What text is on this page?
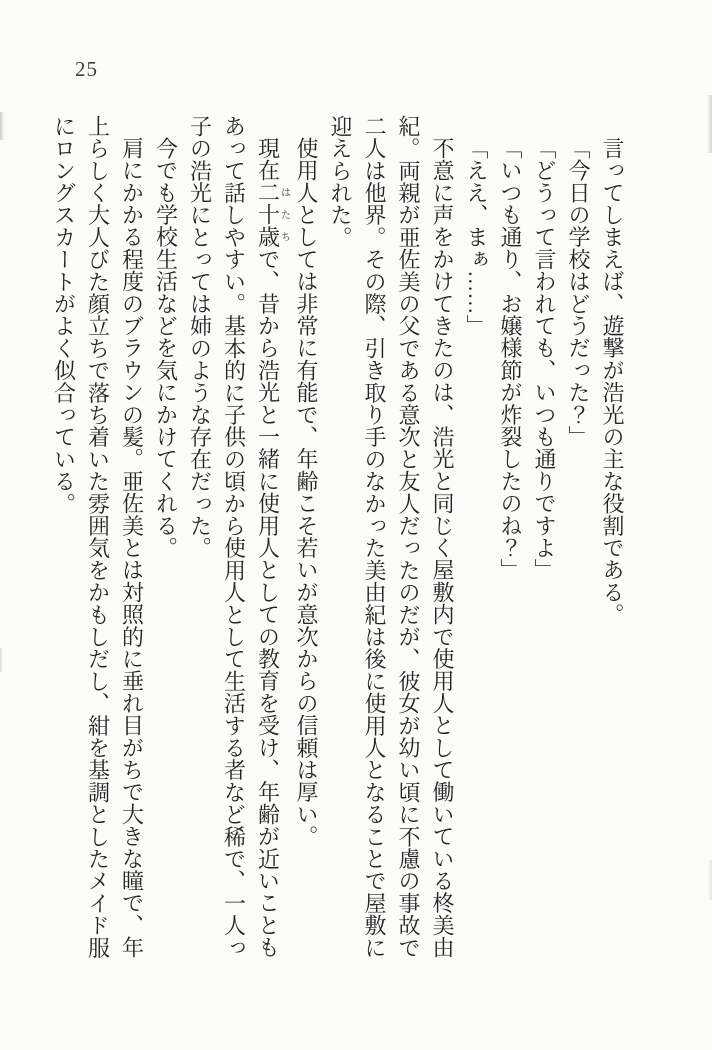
25

言ってしまえば、遊撃が浩光の主な役割である。

「今日の学校はどうだった？」

「どうって言われても、いつも通りですよ」

「いつも通り、お嬢様節が炸裂したのね？」

「ええ、まぁ……」

不意に声をかけてきたのは、浩光と同じく屋敷内で使用人として働いている柊美由紀。両親が亜佐美の父である意次と友人だったのだが、彼女が幼い頃に不慮の事故で二人は他界。その際、引き取り手のなかった美由紀は後に使用人となることで屋敷に迎えられた。

使用人としては非常に有能で、年齢こそ若いが意次からの信頼は厚い。

現在二十歳はたちで、昔から浩光と一緒に使用人としての教育を受け、年齢が近いこともあって話しやすい。基本的に子供の頃から使用人として生活する者など稀で、一人っ子の浩光にとっては姉のような存在だった。

今でも学校生活などを気にかけてくれる。

肩にかかる程度のブラウンの髪。亜佐美とは対照的に垂れ目がちで大きな瞳で、年上らしく大人びた顔立ちで落ち着いた雰囲気をかもしだし、紺を基調としたメイド服にロングスカートがよく似合っている。
